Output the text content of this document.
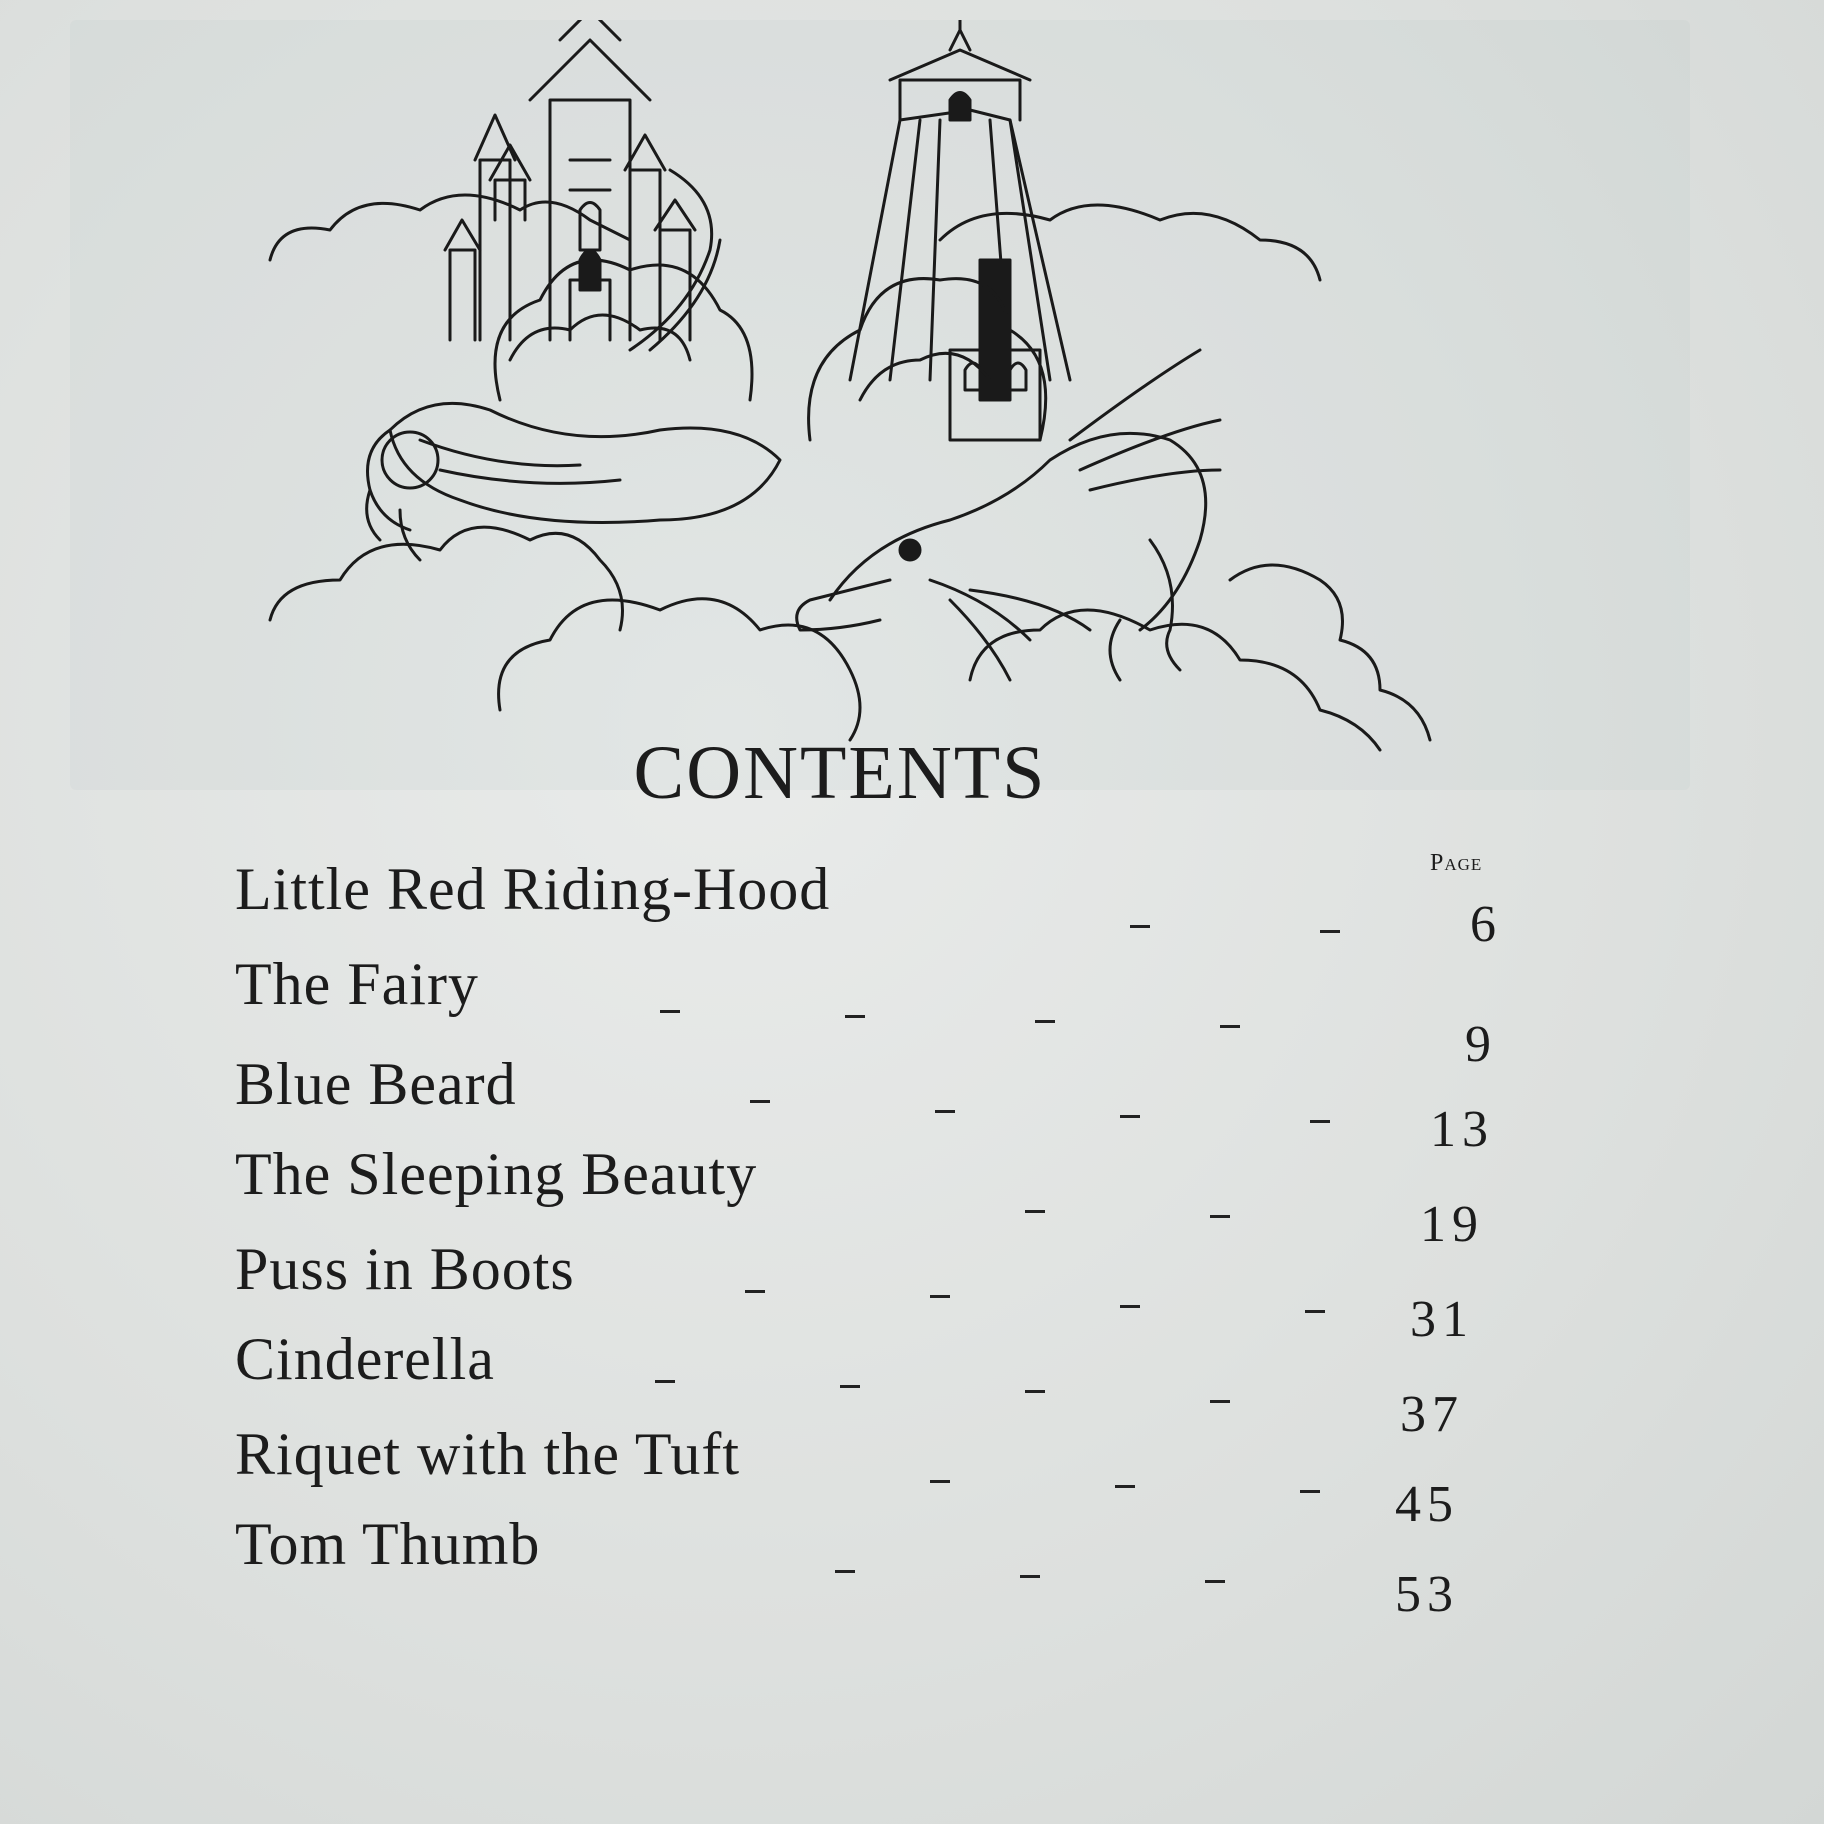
CONTENTS
Page
Little Red Riding-Hood
6
The Fairy
9
Blue Beard
13
The Sleeping Beauty
19
Puss in Boots
31
Cinderella
37
Riquet with the Tuft
45
Tom Thumb
53
